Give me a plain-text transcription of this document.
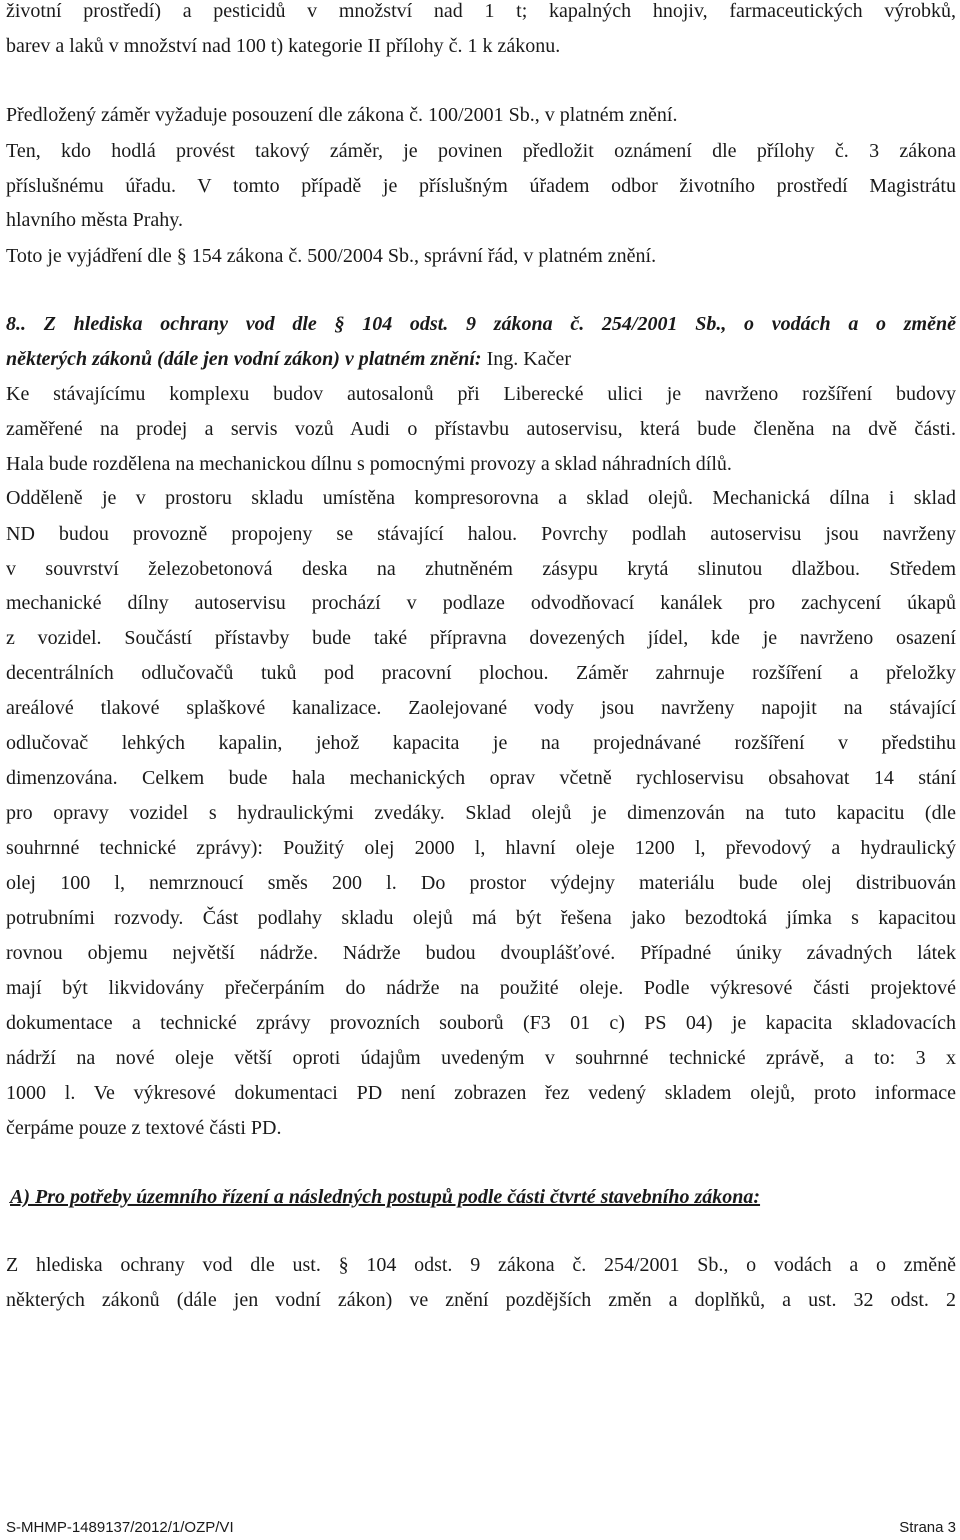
životní prostředí) a pesticidů v množství nad 1 t; kapalných hnojiv, farmaceutických výrobků,
barev a laků v množství nad 100 t) kategorie II přílohy č. 1 k zákonu.
Předložený záměr vyžaduje posouzení dle zákona č. 100/2001 Sb., v platném znění.
Ten, kdo hodlá provést takový záměr, je povinen předložit oznámení dle přílohy č. 3 zákona
příslušnému úřadu. V tomto případě je příslušným úřadem odbor životního prostředí Magistrátu
hlavního města Prahy.
Toto je vyjádření dle § 154 zákona č. 500/2004 Sb., správní řád, v platném znění.
8.. Z hlediska ochrany vod dle § 104 odst. 9 zákona č. 254/2001 Sb., o vodách a o změně
některých zákonů (dále jen vodní zákon) v platném znění: Ing. Kačer
Ke stávajícímu komplexu budov autosalonů při Liberecké ulici je navrženo rozšíření budovy
zaměřené na prodej a servis vozů Audi o přístavbu autoservisu, která bude členěna na dvě části.
Hala bude rozdělena na mechanickou dílnu s pomocnými provozy a sklad náhradních dílů.
Odděleně je v prostoru skladu umístěna kompresorovna a sklad olejů. Mechanická dílna i sklad
ND budou provozně propojeny se stávající halou. Povrchy podlah autoservisu jsou navrženy
v souvrství železobetonová deska na zhutněném zásypu krytá slinutou dlažbou. Středem
mechanické dílny autoservisu prochází v podlaze odvodňovací kanálek pro zachycení úkapů
z vozidel. Součástí přístavby bude také přípravna dovezených jídel, kde je navrženo osazení
decentrálních odlučovačů tuků pod pracovní plochou. Záměr zahrnuje rozšíření a přeložky
areálové tlakové splaškové kanalizace. Zaolejované vody jsou navrženy napojit na stávající
odlučovač lehkých kapalin, jehož kapacita je na projednávané rozšíření v předstihu
dimenzována. Celkem bude hala mechanických oprav včetně rychloservisu obsahovat 14 stání
pro opravy vozidel s hydraulickými zvedáky. Sklad olejů je dimenzován na tuto kapacitu (dle
souhrnné technické zprávy): Použitý olej 2000 l, hlavní oleje 1200 l, převodový a hydraulický
olej 100 l, nemrznoucí směs 200 l. Do prostor výdejny materiálu bude olej distribuován
potrubními rozvody. Část podlahy skladu olejů má být řešena jako bezodtoká jímka s kapacitou
rovnou objemu největší nádrže. Nádrže budou dvouplášťové. Případné úniky závadných látek
mají být likvidovány přečerpáním do nádrže na použité oleje. Podle výkresové části projektové
dokumentace a technické zprávy provozních souborů (F3 01 c) PS 04) je kapacita skladovacích
nádrží na nové oleje větší oproti údajům uvedeným v souhrnné technické zprávě, a to: 3 x
1000 l. Ve výkresové dokumentaci PD není zobrazen řez vedený skladem olejů, proto informace
čerpáme pouze z textové části PD.
A) Pro potřeby územního řízení a následných postupů podle části čtvrté stavebního zákona:
Z hlediska ochrany vod dle ust. § 104 odst. 9 zákona č. 254/2001 Sb., o vodách a o změně
některých zákonů (dále jen vodní zákon) ve znění pozdějších změn a doplňků, a ust. 32 odst. 2
S-MHMP-1489137/2012/1/OZP/VI	Strana 3
